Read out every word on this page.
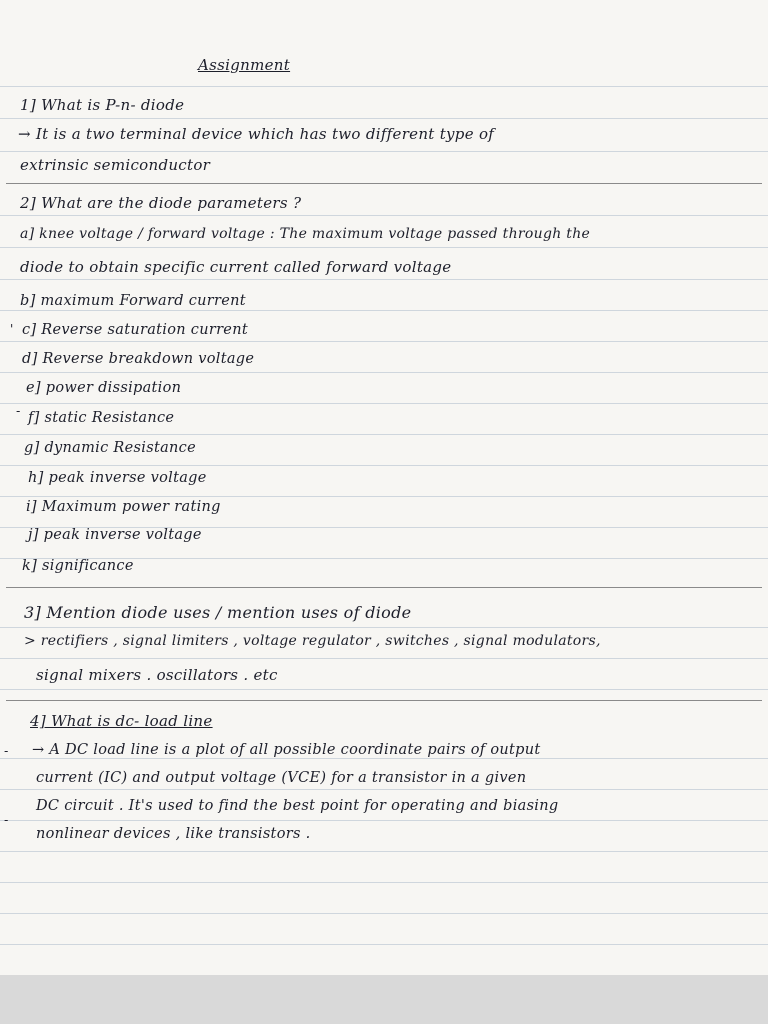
'
-
-
-
Assignment
1] What is P-n- diode
→ It is a two terminal device which has two different type of
extrinsic semiconductor
2] What are the diode parameters ?
a] knee voltage / forward voltage : The maximum voltage passed through the
diode to obtain specific current called forward voltage
b] maximum Forward current
c] Reverse saturation current
d] Reverse breakdown voltage
e] power dissipation
f] static Resistance
g] dynamic Resistance
h] peak inverse voltage
i] Maximum power rating
j] peak inverse voltage
k] significance
3] Mention diode uses / mention uses of diode
> rectifiers , signal limiters , voltage regulator , switches , signal modulators,
signal mixers . oscillators . etc
4] What is dc- load line
→ A DC load line is a plot of all possible coordinate pairs of output
current (IC) and output voltage (VCE) for a transistor in a given
DC circuit . It's used to find the best point for operating and biasing
nonlinear devices , like transistors .
